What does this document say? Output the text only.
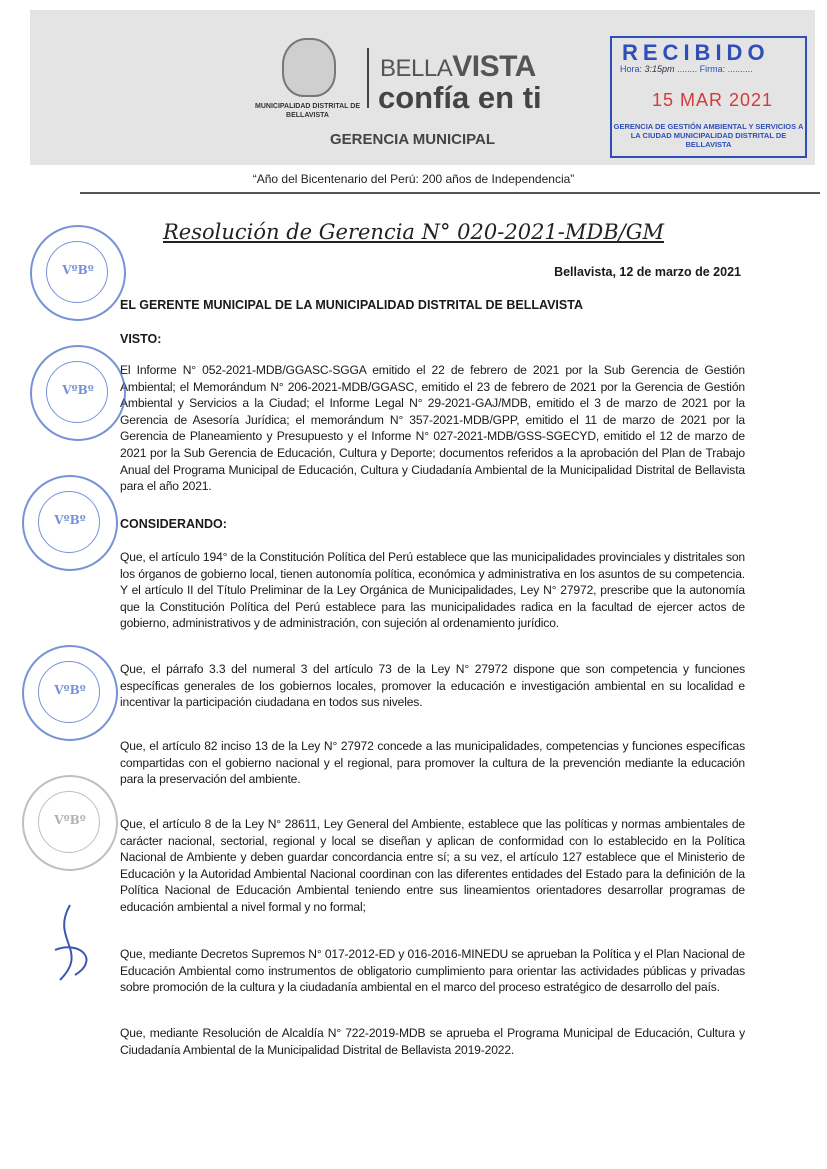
MUNICIPALIDAD DISTRITAL DE BELLAVISTA
BELLAVISTA
confía en ti
GERENCIA MUNICIPAL
RECIBIDO
Hora: 3:15pm ........ Firma: ..........
15 MAR 2021
GERENCIA DE GESTIÓN AMBIENTAL Y SERVICIOS A LA CIUDAD MUNICIPALIDAD DISTRITAL DE BELLAVISTA
“Año del Bicentenario del Perú: 200 años de Independencia”
Resolución de Gerencia N° 020-2021-MDB/GM
Bellavista, 12 de marzo de 2021
EL GERENTE MUNICIPAL DE LA MUNICIPALIDAD DISTRITAL DE BELLAVISTA
VISTO:
El Informe N° 052-2021-MDB/GGASC-SGGA emitido el 22 de febrero de 2021 por la Sub Gerencia de Gestión Ambiental; el Memorándum N° 206-2021-MDB/GGASC, emitido el 23 de febrero de 2021 por la Gerencia de Gestión Ambiental y Servicios a la Ciudad; el Informe Legal N° 29-2021-GAJ/MDB, emitido el 3 de marzo de 2021 por la Gerencia de Asesoría Jurídica; el memorándum N° 357-2021-MDB/GPP, emitido el 11 de marzo de 2021 por la Gerencia de Planeamiento y Presupuesto y el Informe N° 027-2021-MDB/GSS-SGECYD, emitido el 12 de marzo de 2021 por la Sub Gerencia de Educación, Cultura y Deporte; documentos referidos a la aprobación del Plan de Trabajo Anual del Programa Municipal de Educación, Cultura y Ciudadanía Ambiental de la Municipalidad Distrital de Bellavista para el año 2021.
CONSIDERANDO:
Que, el artículo 194° de la Constitución Política del Perú establece que las municipalidades provinciales y distritales son los órganos de gobierno local, tienen autonomía política, económica y administrativa en los asuntos de su competencia. Y el artículo II del Título Preliminar de la Ley Orgánica de Municipalidades, Ley N° 27972, prescribe que la autonomía que la Constitución Política del Perú establece para las municipalidades radica en la facultad de ejercer actos de gobierno, administrativos y de administración, con sujeción al ordenamiento jurídico.
Que, el párrafo 3.3 del numeral 3 del artículo 73 de la Ley N° 27972 dispone que son competencia y funciones específicas generales de los gobiernos locales, promover la educación e investigación ambiental en su localidad e incentivar la participación ciudadana en todos sus niveles.
Que, el artículo 82 inciso 13 de la Ley N° 27972 concede a las municipalidades, competencias y funciones específicas compartidas con el gobierno nacional y el regional, para promover la cultura de la prevención mediante la educación para la preservación del ambiente.
Que, el artículo 8 de la Ley N° 28611, Ley General del Ambiente, establece que las políticas y normas ambientales de carácter nacional, sectorial, regional y local se diseñan y aplican de conformidad con lo establecido en la Política Nacional de Ambiente y deben guardar concordancia entre sí; a su vez, el artículo 127 establece que el Ministerio de Educación y la Autoridad Ambiental Nacional coordinan con las diferentes entidades del Estado para la definición de la Política Nacional de Educación Ambiental teniendo entre sus lineamientos orientadores desarrollar programas de educación ambiental a nivel formal y no formal;
Que, mediante Decretos Supremos N° 017-2012-ED y 016-2016-MINEDU se aprueban la Política y el Plan Nacional de Educación Ambiental como instrumentos de obligatorio cumplimiento para orientar las actividades públicas y privadas sobre promoción de la cultura y la ciudadanía ambiental en el marco del proceso estratégico de desarrollo del país.
Que, mediante Resolución de Alcaldía N° 722-2019-MDB se aprueba el Programa Municipal de Educación, Cultura y Ciudadanía Ambiental de la Municipalidad Distrital de Bellavista 2019-2022.
VºBº
VºBº
VºBº
VºBº
VºBº
